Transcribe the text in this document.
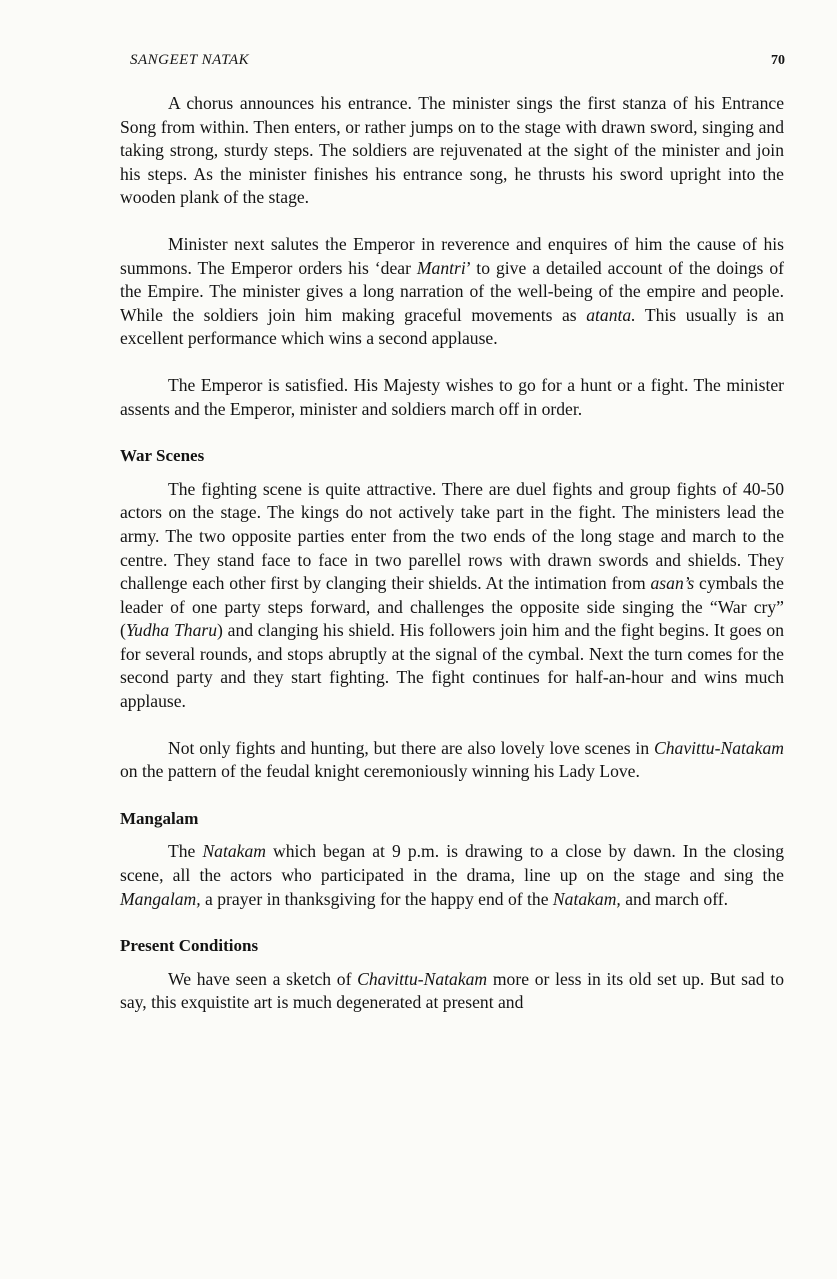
SANGEET NATAK	70

A chorus announces his entrance. The minister sings the first stanza of his Entrance Song from within. Then enters, or rather jumps on to the stage with drawn sword, singing and taking strong, sturdy steps. The soldiers are rejuvenated at the sight of the minister and join his steps. As the minister finishes his entrance song, he thrusts his sword upright into the wooden plank of the stage.

Minister next salutes the Emperor in reverence and enquires of him the cause of his summons. The Emperor orders his ‘dear Mantri’ to give a detailed account of the doings of the Empire. The minister gives a long narration of the well-being of the empire and people. While the soldiers join him making graceful movements as atanta. This usually is an excellent performance which wins a second applause.

The Emperor is satisfied. His Majesty wishes to go for a hunt or a fight. The minister assents and the Emperor, minister and soldiers march off in order.

War Scenes

The fighting scene is quite attractive. There are duel fights and group fights of 40-50 actors on the stage. The kings do not actively take part in the fight. The ministers lead the army. The two opposite parties enter from the two ends of the long stage and march to the centre. They stand face to face in two parellel rows with drawn swords and shields. They challenge each other first by clanging their shields. At the intimation from asan’s cymbals the leader of one party steps forward, and challenges the opposite side singing the “War cry” (Yudha Tharu) and clanging his shield. His followers join him and the fight begins. It goes on for several rounds, and stops abruptly at the signal of the cymbal. Next the turn comes for the second party and they start fighting. The fight continues for half-an-hour and wins much applause.

Not only fights and hunting, but there are also lovely love scenes in Chavittu-Natakam on the pattern of the feudal knight ceremoniously winning his Lady Love.

Mangalam

The Natakam which began at 9 p.m. is drawing to a close by dawn. In the closing scene, all the actors who participated in the drama, line up on the stage and sing the Mangalam, a prayer in thanksgiving for the happy end of the Natakam, and march off.

Present Conditions

We have seen a sketch of Chavittu-Natakam more or less in its old set up. But sad to say, this exquistite art is much degenerated at present and
